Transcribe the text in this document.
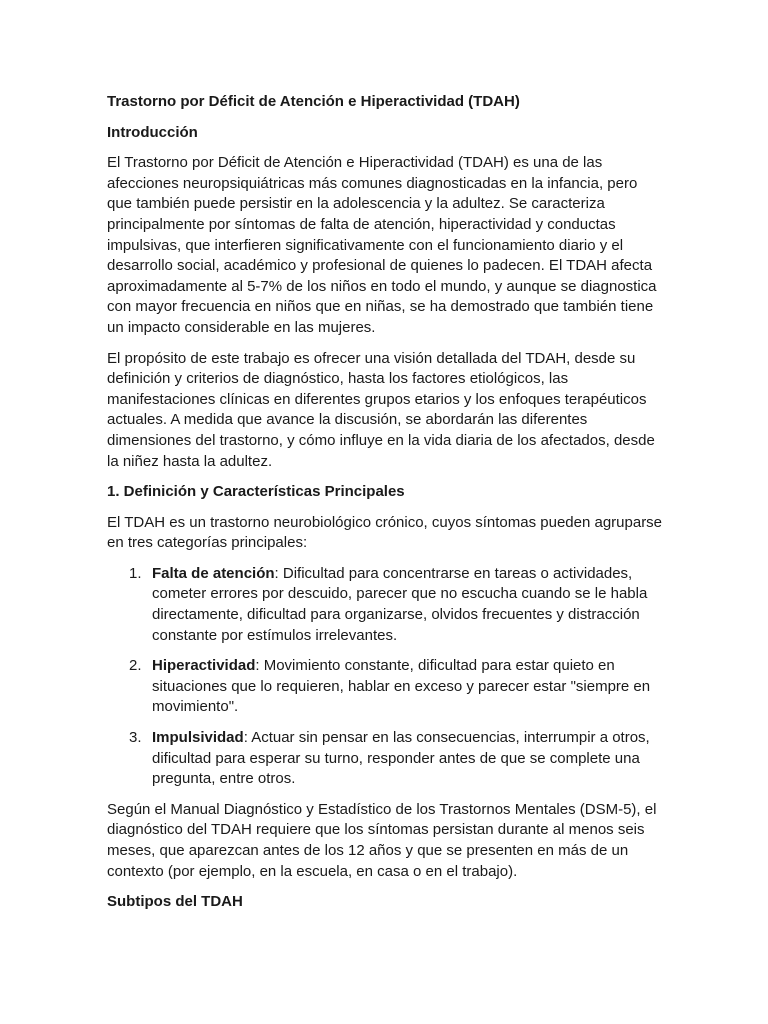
Trastorno por Déficit de Atención e Hiperactividad (TDAH)

Introducción

El Trastorno por Déficit de Atención e Hiperactividad (TDAH) es una de las afecciones neuropsiquiátricas más comunes diagnosticadas en la infancia, pero que también puede persistir en la adolescencia y la adultez. Se caracteriza principalmente por síntomas de falta de atención, hiperactividad y conductas impulsivas, que interfieren significativamente con el funcionamiento diario y el desarrollo social, académico y profesional de quienes lo padecen. El TDAH afecta aproximadamente al 5-7% de los niños en todo el mundo, y aunque se diagnostica con mayor frecuencia en niños que en niñas, se ha demostrado que también tiene un impacto considerable en las mujeres.

El propósito de este trabajo es ofrecer una visión detallada del TDAH, desde su definición y criterios de diagnóstico, hasta los factores etiológicos, las manifestaciones clínicas en diferentes grupos etarios y los enfoques terapéuticos actuales. A medida que avance la discusión, se abordarán las diferentes dimensiones del trastorno, y cómo influye en la vida diaria de los afectados, desde la niñez hasta la adultez.

1. Definición y Características Principales

El TDAH es un trastorno neurobiológico crónico, cuyos síntomas pueden agruparse en tres categorías principales:

1. Falta de atención: Dificultad para concentrarse en tareas o actividades, cometer errores por descuido, parecer que no escucha cuando se le habla directamente, dificultad para organizarse, olvidos frecuentes y distracción constante por estímulos irrelevantes.
2. Hiperactividad: Movimiento constante, dificultad para estar quieto en situaciones que lo requieren, hablar en exceso y parecer estar "siempre en movimiento".
3. Impulsividad: Actuar sin pensar en las consecuencias, interrumpir a otros, dificultad para esperar su turno, responder antes de que se complete una pregunta, entre otros.

Según el Manual Diagnóstico y Estadístico de los Trastornos Mentales (DSM-5), el diagnóstico del TDAH requiere que los síntomas persistan durante al menos seis meses, que aparezcan antes de los 12 años y que se presenten en más de un contexto (por ejemplo, en la escuela, en casa o en el trabajo).

Subtipos del TDAH
